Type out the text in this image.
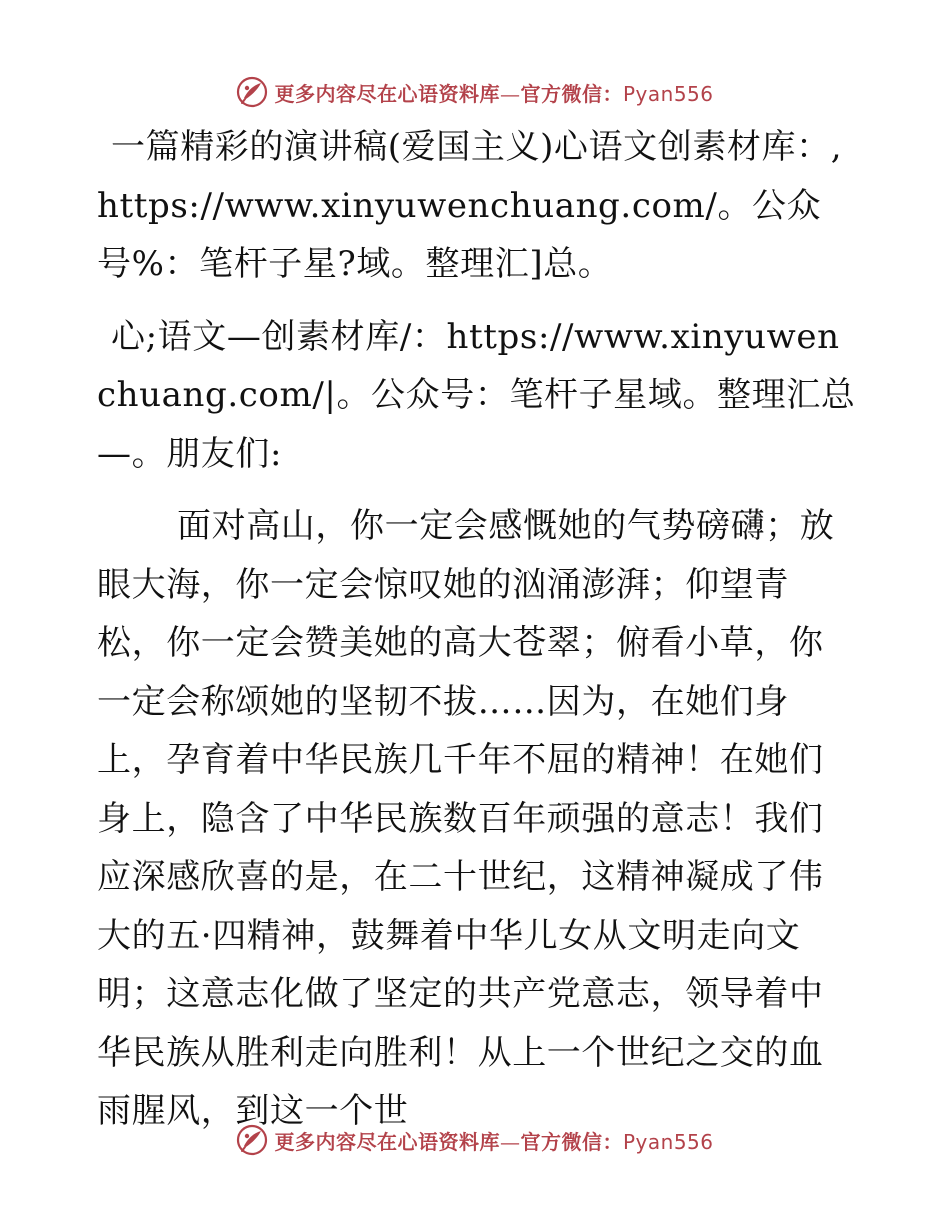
更多内容尽在心语资料库—官方微信：Pyan556

一篇精彩的演讲稿(爱国主义)心语文创素材库：,https://www.xinyuwenchuang.com/。公众号%：笔杆子星?域。整理汇]总。

心;语文—创素材库/：https://www.xinyuwenchuang.com/|。公众号：笔杆子星域。整理汇总—。朋友们:

面对高山，你一定会感慨她的气势磅礴；放眼大海，你一定会惊叹她的汹涌澎湃；仰望青松，你一定会赞美她的高大苍翠；俯看小草，你一定会称颂她的坚韧不拔……因为，在她们身上，孕育着中华民族几千年不屈的精神！在她们身上，隐含了中华民族数百年顽强的意志！我们应深感欣喜的是，在二十世纪，这精神凝成了伟大的五·四精神，鼓舞着中华儿女从文明走向文明；这意志化做了坚定的共产党意志，领导着中华民族从胜利走向胜利！从上一个世纪之交的血雨腥风，到这一个世

更多内容尽在心语资料库—官方微信：Pyan556
